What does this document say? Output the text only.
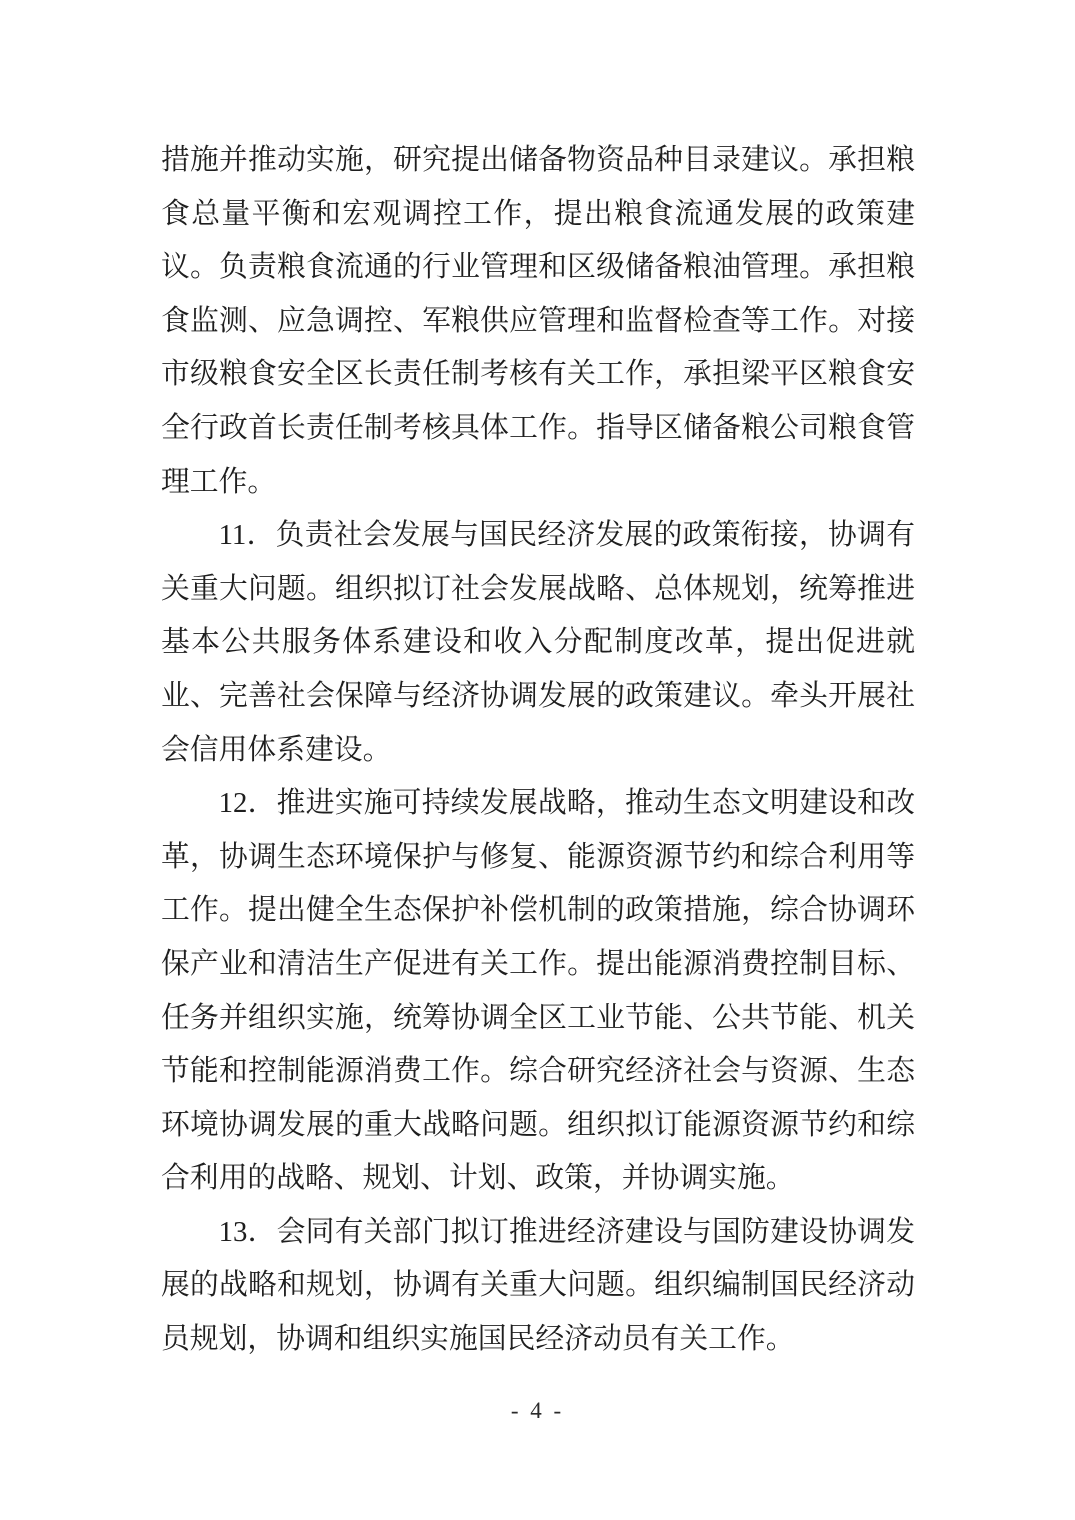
措施并推动实施，研究提出储备物资品种目录建议。承担粮
食总量平衡和宏观调控工作，提出粮食流通发展的政策建
议。负责粮食流通的行业管理和区级储备粮油管理。承担粮
食监测、应急调控、军粮供应管理和监督检查等工作。对接
市级粮食安全区长责任制考核有关工作，承担梁平区粮食安
全行政首长责任制考核具体工作。指导区储备粮公司粮食管
理工作。
11．负责社会发展与国民经济发展的政策衔接，协调有
关重大问题。组织拟订社会发展战略、总体规划，统筹推进
基本公共服务体系建设和收入分配制度改革，提出促进就
业、完善社会保障与经济协调发展的政策建议。牵头开展社
会信用体系建设。
12．推进实施可持续发展战略，推动生态文明建设和改
革，协调生态环境保护与修复、能源资源节约和综合利用等
工作。提出健全生态保护补偿机制的政策措施，综合协调环
保产业和清洁生产促进有关工作。提出能源消费控制目标、
任务并组织实施，统筹协调全区工业节能、公共节能、机关
节能和控制能源消费工作。综合研究经济社会与资源、生态
环境协调发展的重大战略问题。组织拟订能源资源节约和综
合利用的战略、规划、计划、政策，并协调实施。
13．会同有关部门拟订推进经济建设与国防建设协调发
展的战略和规划，协调有关重大问题。组织编制国民经济动
员规划，协调和组织实施国民经济动员有关工作。
- 4 -
